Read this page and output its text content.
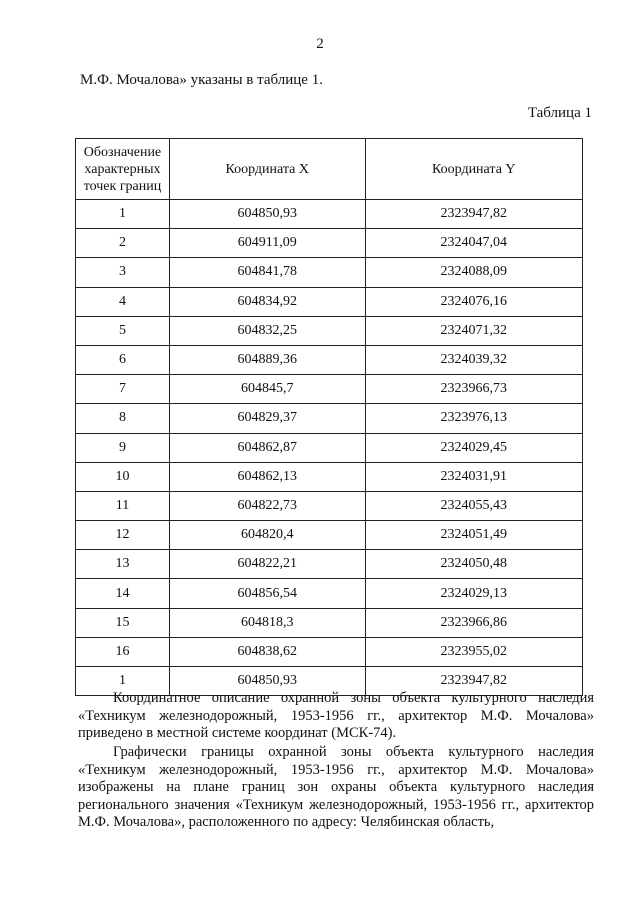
2
М.Ф. Мочалова» указаны в таблице 1.
Таблица 1
Обозначение характерных точек границ	Координата X	Координата Y
1	604850,93	2323947,82
2	604911,09	2324047,04
3	604841,78	2324088,09
4	604834,92	2324076,16
5	604832,25	2324071,32
6	604889,36	2324039,32
7	604845,7	2323966,73
8	604829,37	2323976,13
9	604862,87	2324029,45
10	604862,13	2324031,91
11	604822,73	2324055,43
12	604820,4	2324051,49
13	604822,21	2324050,48
14	604856,54	2324029,13
15	604818,3	2323966,86
16	604838,62	2323955,02
1	604850,93	2323947,82
Координатное описание охранной зоны объекта культурного наследия «Техникум железнодорожный, 1953-1956 гг., архитектор М.Ф. Мочалова» приведено в местной системе координат (МСК-74).
Графически границы охранной зоны объекта культурного наследия «Техникум железнодорожный, 1953-1956 гг., архитектор М.Ф. Мочалова» изображены на плане границ зон охраны объекта культурного наследия регионального значения «Техникум железнодорожный, 1953-1956 гг., архитектор М.Ф. Мочалова», расположенного по адресу: Челябинская область,
